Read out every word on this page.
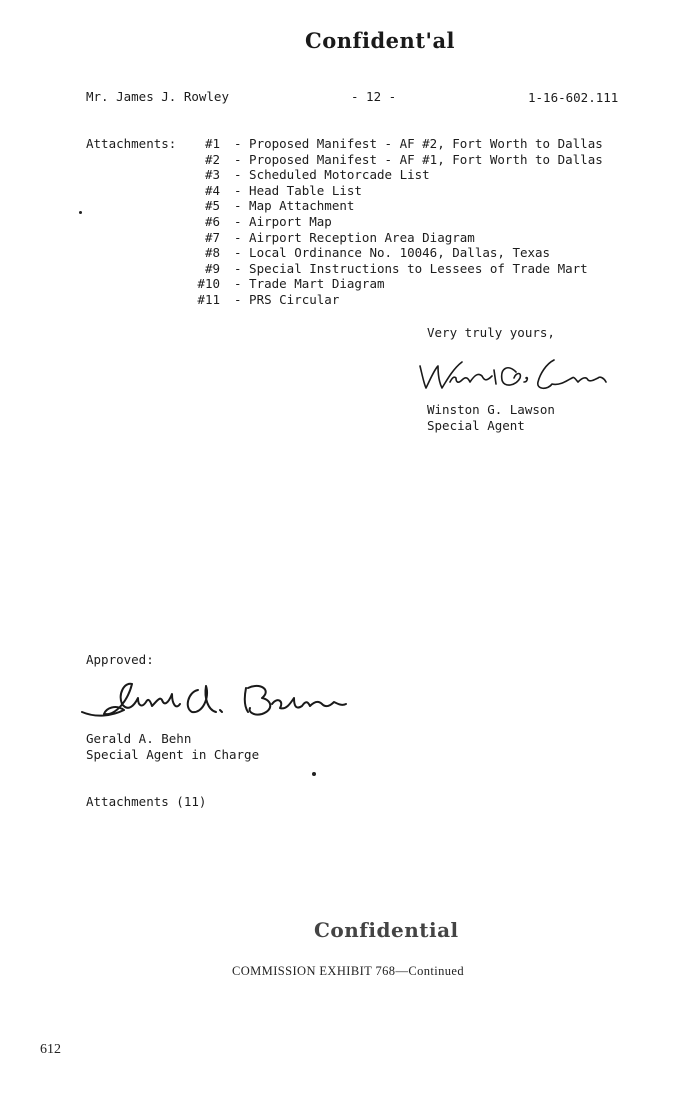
Confident'al
Mr. James J. Rowley	- 12 -	1-16-602.111
Attachments:	#1 - Proposed Manifest - AF #2, Fort Worth to Dallas
#2 - Proposed Manifest - AF #1, Fort Worth to Dallas
#3 - Scheduled Motorcade List
#4 - Head Table List
#5 - Map Attachment
#6 - Airport Map
#7 - Airport Reception Area Diagram
#8 - Local Ordinance No. 10046, Dallas, Texas
#9 - Special Instructions to Lessees of Trade Mart
#10 - Trade Mart Diagram
#11 - PRS Circular
Very truly yours,
Winston G. Lawson
Special Agent
Approved:
Gerald A. Behn
Special Agent in Charge
Attachments (11)
Confidential
COMMISSION EXHIBIT 768—Continued
612
